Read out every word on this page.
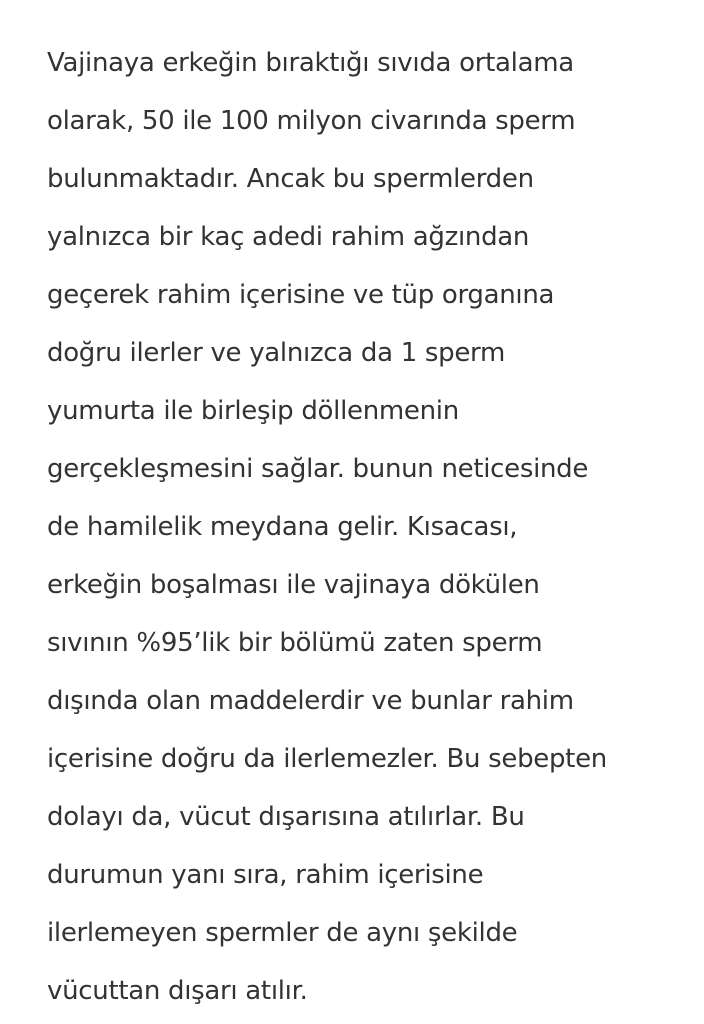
Vajinaya erkeğin bıraktığı sıvıda ortalama
olarak, 50 ile 100 milyon civarında sperm
bulunmaktadır. Ancak bu spermlerden
yalnızca bir kaç adedi rahim ağzından
geçerek rahim içerisine ve tüp organına
doğru ilerler ve yalnızca da 1 sperm
yumurta ile birleşip döllenmenin
gerçekleşmesini sağlar. bunun neticesinde
de hamilelik meydana gelir. Kısacası,
erkeğin boşalması ile vajinaya dökülen
sıvının %95’lik bir bölümü zaten sperm
dışında olan maddelerdir ve bunlar rahim
içerisine doğru da ilerlemezler. Bu sebepten
dolayı da, vücut dışarısına atılırlar. Bu
durumun yanı sıra, rahim içerisine
ilerlemeyen spermler de aynı şekilde
vücuttan dışarı atılır.
